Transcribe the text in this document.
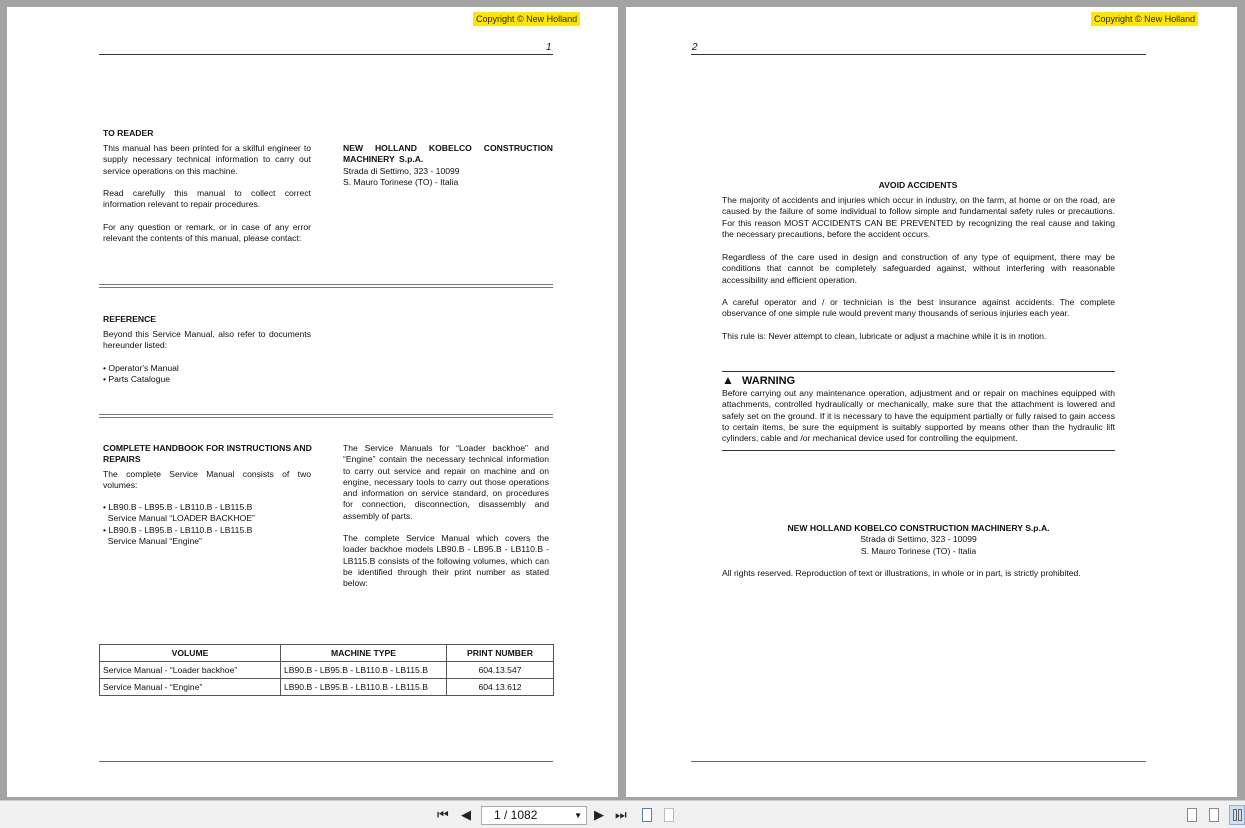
Copyright © New Holland
1
TO READER
This manual has been printed for a skilful engineer to supply necessary technical information to carry out service operations on this machine.
Read carefully this manual to collect correct information relevant to repair procedures.
For any question or remark, or in case of any error relevant the contents of this manual, please contact:
NEW HOLLAND KOBELCO CONSTRUCTION MACHINERY S.p.A.
Strada di Settimo, 323 - 10099
S. Mauro Torinese (TO) - Italia
REFERENCE
Beyond this Service Manual, also refer to documents hereunder listed:
• Operator's Manual
• Parts Catalogue
COMPLETE HANDBOOK FOR INSTRUCTIONS AND REPAIRS
The complete Service Manual consists of two volumes:
• LB90.B - LB95.B - LB110.B - LB115.B
Service Manual “LOADER BACKHOE”
• LB90.B - LB95.B - LB110.B - LB115.B
Service Manual “Engine”
The Service Manuals for “Loader backhoe” and “Engine” contain the necessary technical information to carry out service and repair on machine and on engine, necessary tools to carry out those operations and information on service standard, on procedures for connection, disconnection, disassembly and assembly of parts.
The complete Service Manual which covers the loader backhoe models LB90.B - LB95.B - LB110.B - LB115.B consists of the following volumes, which can be identified through their print number as stated below:
VOLUME	MACHINE TYPE	PRINT NUMBER
Service Manual - “Loader backhoe”	LB90.B - LB95.B - LB110.B - LB115.B	604.13.547
Service Manual - “Engine”	LB90.B - LB95.B - LB110.B - LB115.B	604.13.612
Copyright © New Holland
2
AVOID ACCIDENTS
The majority of accidents and injuries which occur in industry, on the farm, at home or on the road, are caused by the failure of some individual to follow simple and fundamental safety rules or precautions. For this reason MOST ACCIDENTS CAN BE PREVENTED by recognizing the real cause and taking the necessary precautions, before the accident occurs.
Regardless of the care used in design and construction of any type of equipment, there may be conditions that cannot be completely safeguarded against, without interfering with reasonable accessibility and efficient operation.
A careful operator and / or technician is the best insurance against accidents. The complete observance of one simple rule would prevent many thousands of serious injuries each year.
This rule is: Never attempt to clean, lubricate or adjust a machine while it is in motion.
▲ WARNING
Before carrying out any maintenance operation, adjustment and or repair on machines equipped with attachments, controlled hydraulically or mechanically, make sure that the attachment is lowered and safely set on the ground. If it is necessary to have the equipment partially or fully raised to gain access to certain items, be sure the equipment is suitably supported by means other than the hydraulic lift cylinders, cable and /or mechanical device used for controlling the equipment.
NEW HOLLAND KOBELCO CONSTRUCTION MACHINERY S.p.A.
Strada di Settimo, 323 - 10099
S. Mauro Torinese (TO) - Italia
All rights reserved. Reproduction of text or illustrations, in whole or in part, is strictly prohibited.
⏮ ◀	1 / 1082	▼ ▶ ⏭
